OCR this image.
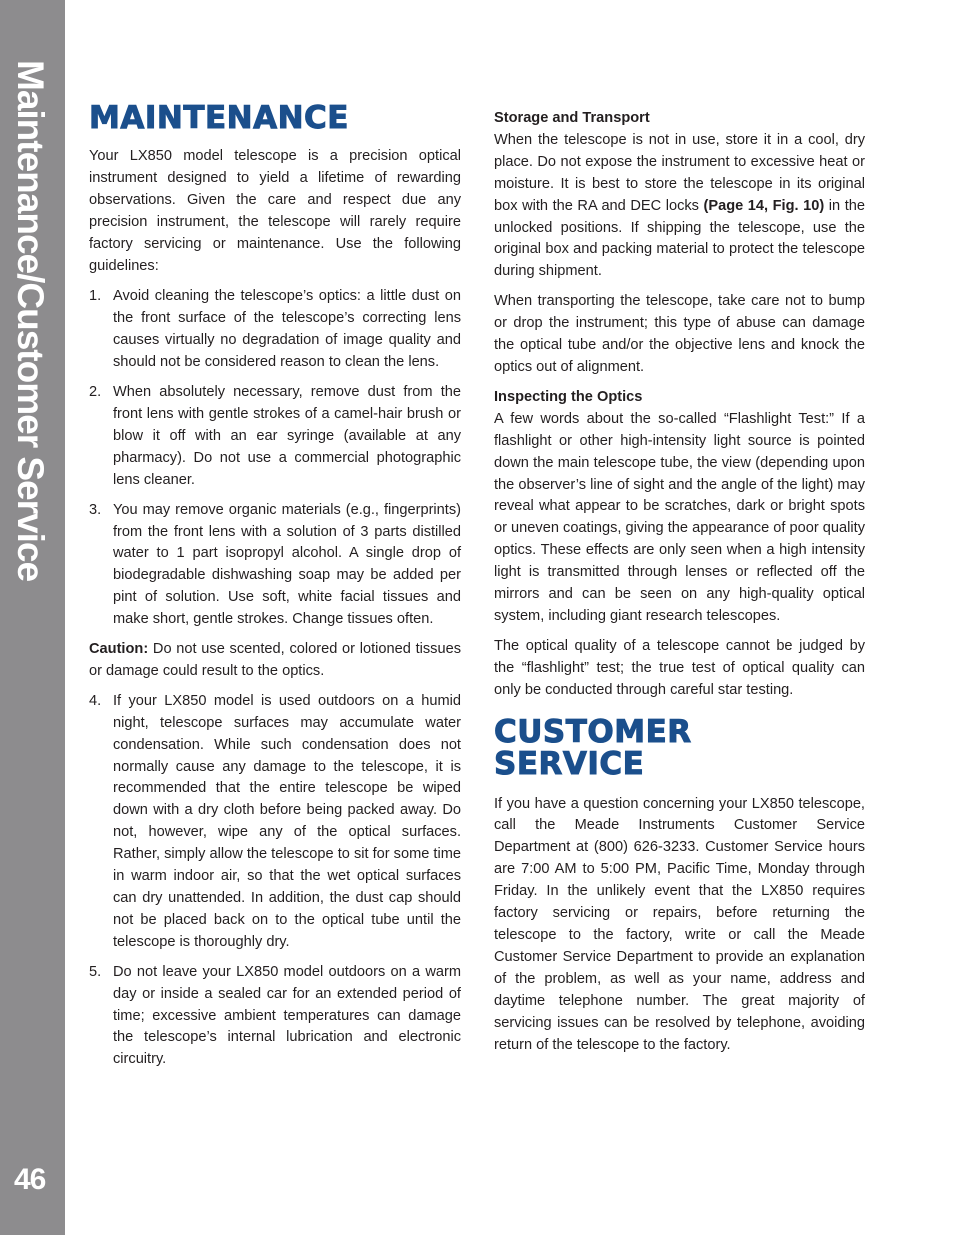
Maintenance/Customer Service
46
MAINTENANCE

Your LX850 model telescope is a precision optical instrument designed to yield a lifetime of rewarding observations. Given the care and respect due any precision instrument, the telescope will rarely require factory servicing or maintenance. Use the following guidelines:

1. Avoid cleaning the telescope’s optics: a little dust on the front surface of the telescope’s correcting lens causes virtually no degradation of image quality and should not be considered reason to clean the lens.
2. When absolutely necessary, remove dust from the front lens with gentle strokes of a camel-hair brush or blow it off with an ear syringe (available at any pharmacy). Do not use a commercial photographic lens cleaner.
3. You may remove organic materials (e.g., fingerprints) from the front lens with a solution of 3 parts distilled water to 1 part isopropyl alcohol. A single drop of biodegradable dishwashing soap may be added per pint of solution. Use soft, white facial tissues and make short, gentle strokes. Change tissues often.

Caution: Do not use scented, colored or lotioned tissues or damage could result to the optics.

4. If your LX850 model is used outdoors on a humid night, telescope surfaces may accumulate water condensation. While such condensation does not normally cause any damage to the telescope, it is recommended that the entire telescope be wiped down with a dry cloth before being packed away. Do not, however, wipe any of the optical surfaces. Rather, simply allow the telescope to sit for some time in warm indoor air, so that the wet optical surfaces can dry unattended. In addition, the dust cap should not be placed back on to the optical tube until the telescope is thoroughly dry.
5. Do not leave your LX850 model outdoors on a warm day or inside a sealed car for an extended period of time; excessive ambient temperatures can damage the telescope’s internal lubrication and electronic circuitry.
Storage and Transport

When the telescope is not in use, store it in a cool, dry place. Do not expose the instrument to excessive heat or moisture. It is best to store the telescope in its original box with the RA and DEC locks (Page 14, Fig. 10) in the unlocked positions. If shipping the telescope, use the original box and packing material to protect the telescope during shipment.

When transporting the telescope, take care not to bump or drop the instrument; this type of abuse can damage the optical tube and/or the objective lens and knock the optics out of alignment.

Inspecting the Optics

A few words about the so-called “Flashlight Test:” If a flashlight or other high-intensity light source is pointed down the main telescope tube, the view (depending upon the observer’s line of sight and the angle of the light) may reveal what appear to be scratches, dark or bright spots or uneven coatings, giving the appearance of poor quality optics. These effects are only seen when a high intensity light is transmitted through lenses or reflected off the mirrors and can be seen on any high-quality optical system, including giant research telescopes.

The optical quality of a telescope cannot be judged by the “flashlight” test; the true test of optical quality can only be conducted through careful star testing.

CUSTOMER
SERVICE

If you have a question concerning your LX850 telescope, call the Meade Instruments Customer Service Department at (800) 626-3233. Customer Service hours are 7:00 AM to 5:00 PM, Pacific Time, Monday through Friday. In the unlikely event that the LX850 requires factory servicing or repairs, before returning the telescope to the factory, write or call the Meade Customer Service Department to provide an explanation of the problem, as well as your name, address and daytime telephone number. The great majority of servicing issues can be resolved by telephone, avoiding return of the telescope to the factory.
